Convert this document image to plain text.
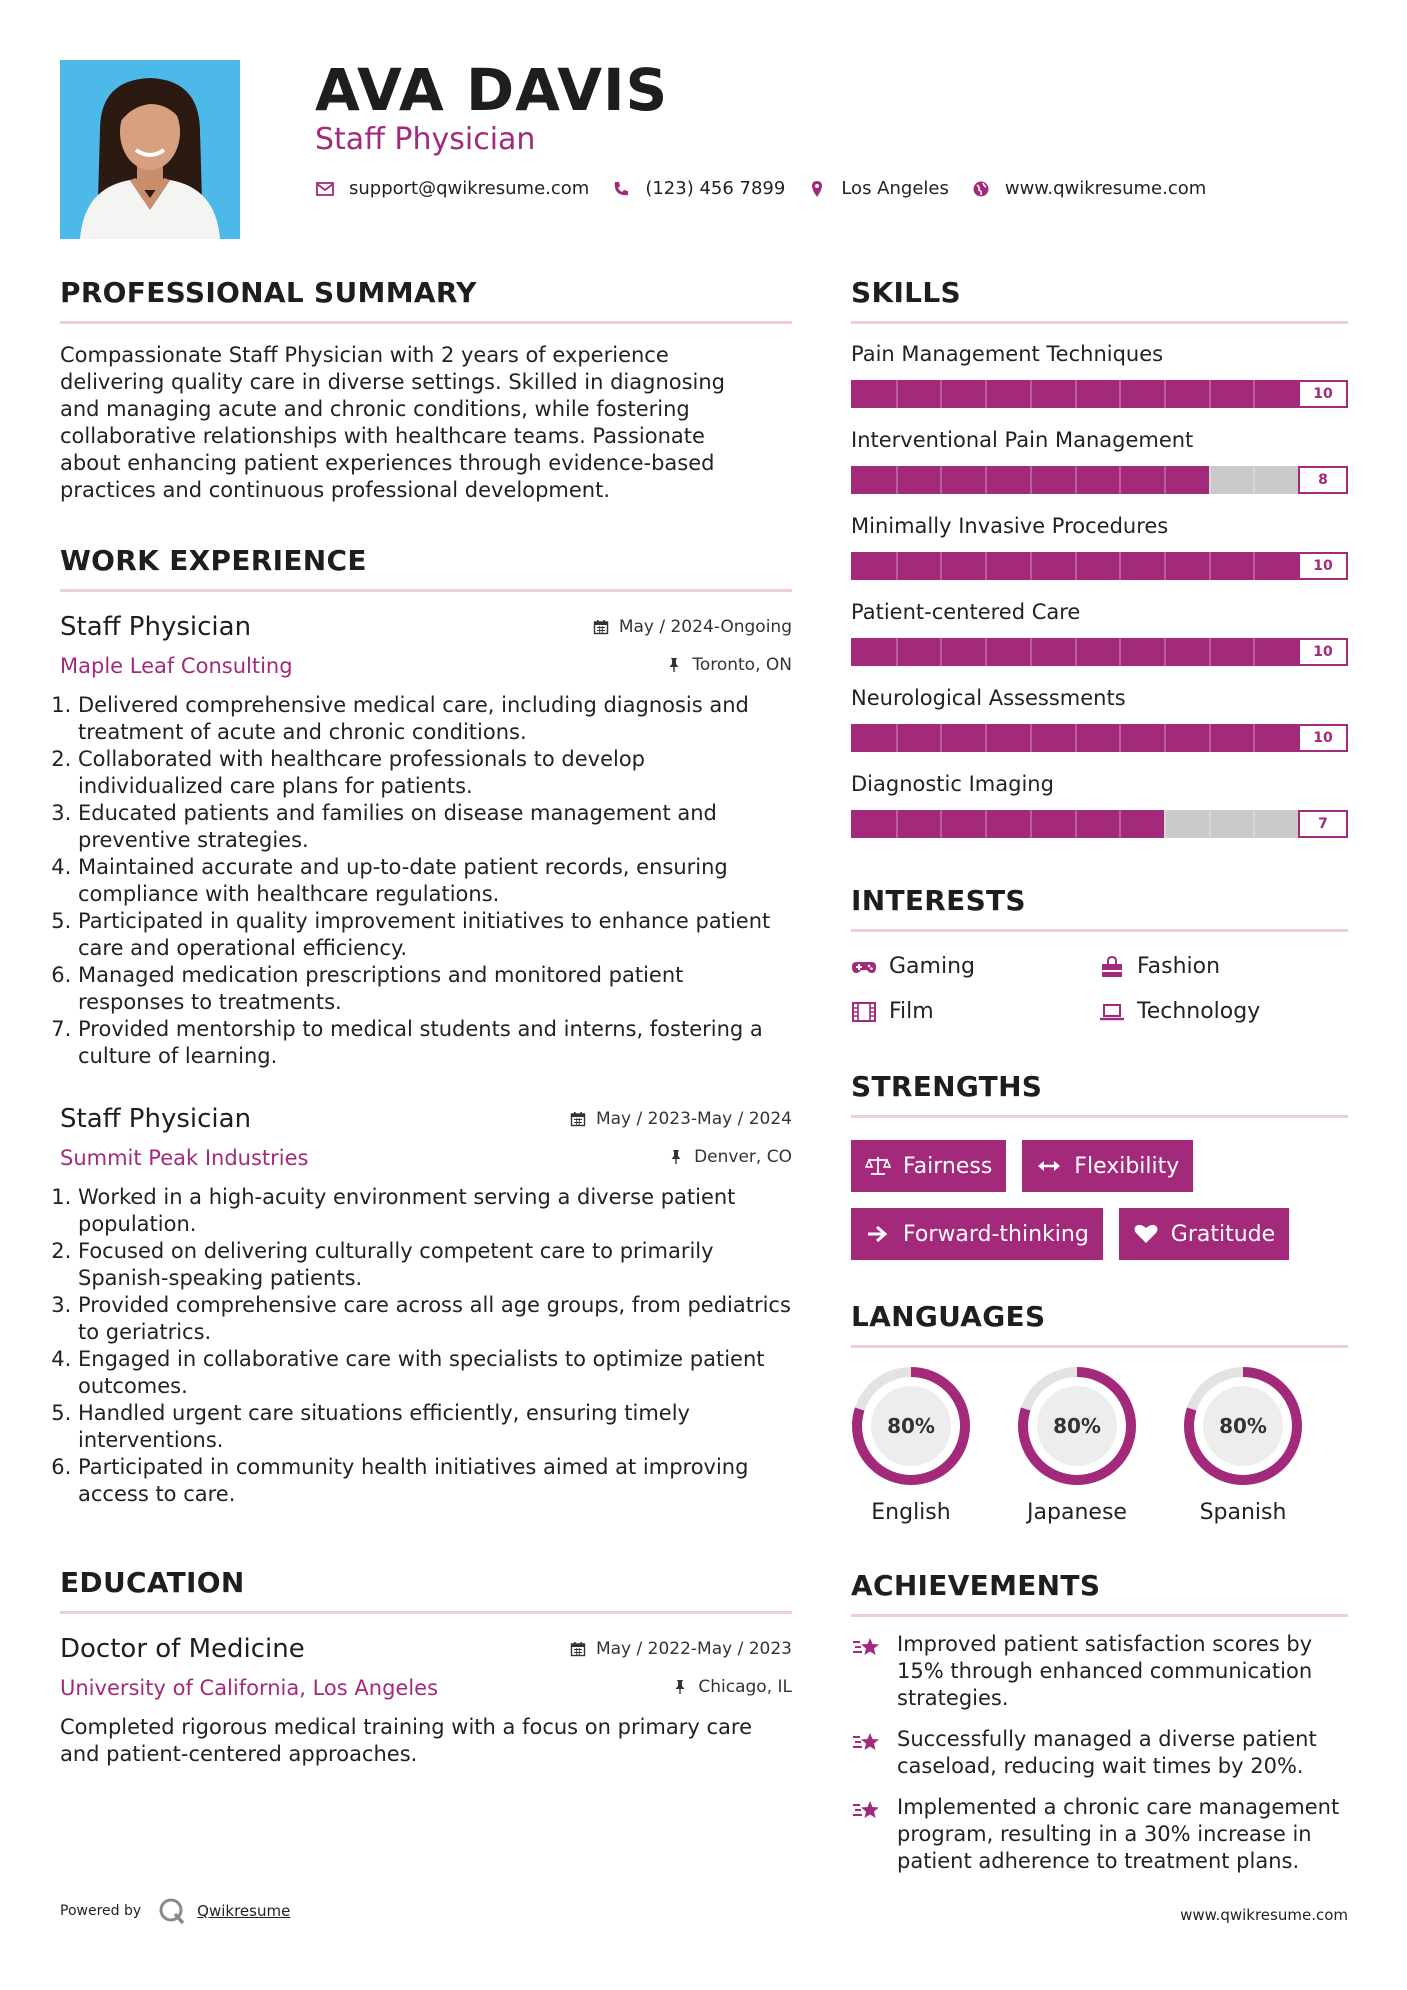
AVA DAVIS
Staff Physician
support@qwikresume.com	(123) 456 7899	Los Angeles	www.qwikresume.com
PROFESSIONAL SUMMARY
Compassionate Staff Physician with 2 years of experience
delivering quality care in diverse settings. Skilled in diagnosing
and managing acute and chronic conditions, while fostering
collaborative relationships with healthcare teams. Passionate
about enhancing patient experiences through evidence-based
practices and continuous professional development.
WORK EXPERIENCE
Staff Physician	May / 2024-Ongoing
Maple Leaf Consulting	Toronto, ON
1. Delivered comprehensive medical care, including diagnosis and treatment of acute and chronic conditions.
2. Collaborated with healthcare professionals to develop individualized care plans for patients.
3. Educated patients and families on disease management and preventive strategies.
4. Maintained accurate and up-to-date patient records, ensuring compliance with healthcare regulations.
5. Participated in quality improvement initiatives to enhance patient care and operational efficiency.
6. Managed medication prescriptions and monitored patient responses to treatments.
7. Provided mentorship to medical students and interns, fostering a culture of learning.
Staff Physician	May / 2023-May / 2024
Summit Peak Industries	Denver, CO
1. Worked in a high-acuity environment serving a diverse patient population.
2. Focused on delivering culturally competent care to primarily Spanish-speaking patients.
3. Provided comprehensive care across all age groups, from pediatrics to geriatrics.
4. Engaged in collaborative care with specialists to optimize patient outcomes.
5. Handled urgent care situations efficiently, ensuring timely interventions.
6. Participated in community health initiatives aimed at improving access to care.
EDUCATION
Doctor of Medicine	May / 2022-May / 2023
University of California, Los Angeles	Chicago, IL
Completed rigorous medical training with a focus on primary care and patient-centered approaches.
SKILLS
Pain Management Techniques
10
Interventional Pain Management
8
Minimally Invasive Procedures
10
Patient-centered Care
10
Neurological Assessments
10
Diagnostic Imaging
7
INTERESTS
Gaming	Fashion
Film	Technology
STRENGTHS
Fairness	Flexibility
Forward-thinking	Gratitude
LANGUAGES
80%
English
80%
Japanese
80%
Spanish
ACHIEVEMENTS
Improved patient satisfaction scores by 15% through enhanced communication strategies.
Successfully managed a diverse patient caseload, reducing wait times by 20%.
Implemented a chronic care management program, resulting in a 30% increase in patient adherence to treatment plans.
Powered by	Qwikresume	www.qwikresume.com
